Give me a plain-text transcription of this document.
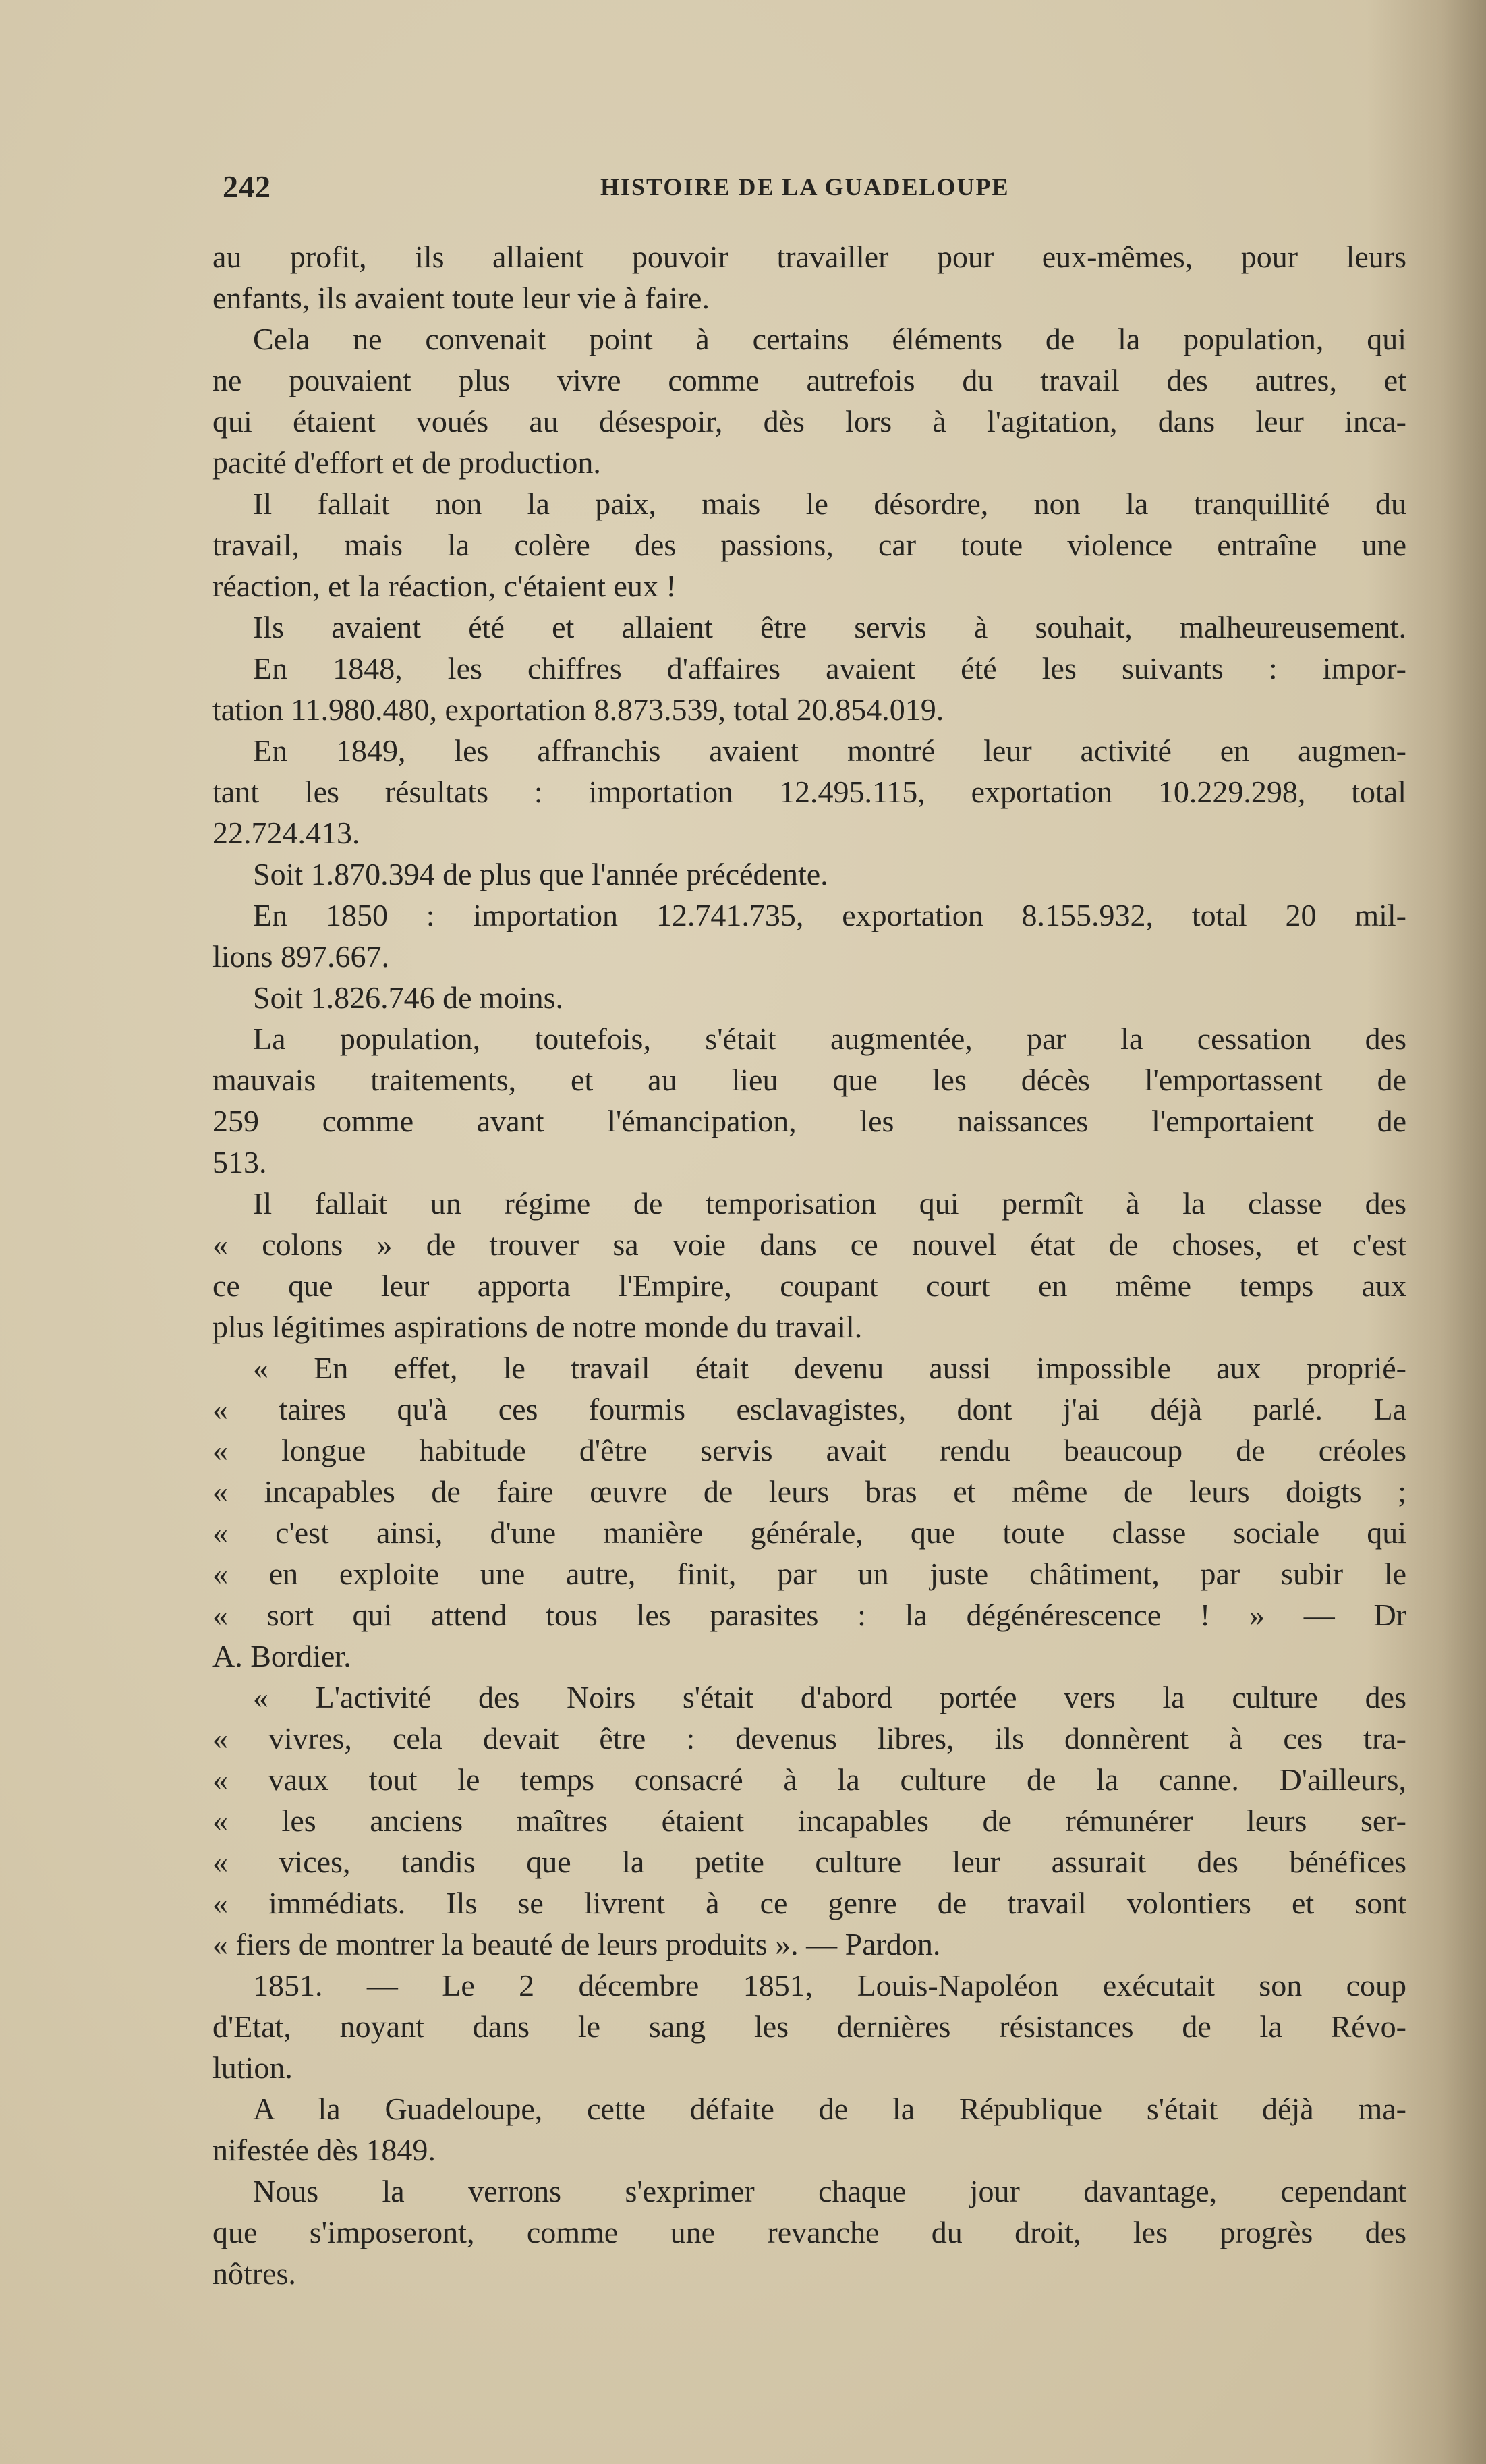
242	HISTOIRE DE LA GUADELOUPE
au profit, ils allaient pouvoir travailler pour eux-mêmes, pour leurs
enfants, ils avaient toute leur vie à faire.
Cela ne convenait point à certains éléments de la population, qui
ne pouvaient plus vivre comme autrefois du travail des autres, et
qui étaient voués au désespoir, dès lors à l'agitation, dans leur inca-
pacité d'effort et de production.
Il fallait non la paix, mais le désordre, non la tranquillité du
travail, mais la colère des passions, car toute violence entraîne une
réaction, et la réaction, c'étaient eux !
Ils avaient été et allaient être servis à souhait, malheureusement.
En 1848, les chiffres d'affaires avaient été les suivants : impor-
tation 11.980.480, exportation 8.873.539, total 20.854.019.
En 1849, les affranchis avaient montré leur activité en augmen-
tant les résultats : importation 12.495.115, exportation 10.229.298, total
22.724.413.
Soit 1.870.394 de plus que l'année précédente.
En 1850 : importation 12.741.735, exportation 8.155.932, total 20 mil-
lions 897.667.
Soit 1.826.746 de moins.
La population, toutefois, s'était augmentée, par la cessation des
mauvais traitements, et au lieu que les décès l'emportassent de
259 comme avant l'émancipation, les naissances l'emportaient de
513.
Il fallait un régime de temporisation qui permît à la classe des
« colons » de trouver sa voie dans ce nouvel état de choses, et c'est
ce que leur apporta l'Empire, coupant court en même temps aux
plus légitimes aspirations de notre monde du travail.
« En effet, le travail était devenu aussi impossible aux proprié-
« taires qu'à ces fourmis esclavagistes, dont j'ai déjà parlé. La
« longue habitude d'être servis avait rendu beaucoup de créoles
« incapables de faire œuvre de leurs bras et même de leurs doigts ;
« c'est ainsi, d'une manière générale, que toute classe sociale qui
« en exploite une autre, finit, par un juste châtiment, par subir le
« sort qui attend tous les parasites : la dégénérescence ! » — Dr
A. Bordier.
« L'activité des Noirs s'était d'abord portée vers la culture des
« vivres, cela devait être : devenus libres, ils donnèrent à ces tra-
« vaux tout le temps consacré à la culture de la canne. D'ailleurs,
« les anciens maîtres étaient incapables de rémunérer leurs ser-
« vices, tandis que la petite culture leur assurait des bénéfices
« immédiats. Ils se livrent à ce genre de travail volontiers et sont
« fiers de montrer la beauté de leurs produits ». — Pardon.
1851. — Le 2 décembre 1851, Louis-Napoléon exécutait son coup
d'Etat, noyant dans le sang les dernières résistances de la Révo-
lution.
A la Guadeloupe, cette défaite de la République s'était déjà ma-
nifestée dès 1849.
Nous la verrons s'exprimer chaque jour davantage, cependant
que s'imposeront, comme une revanche du droit, les progrès des
nôtres.
